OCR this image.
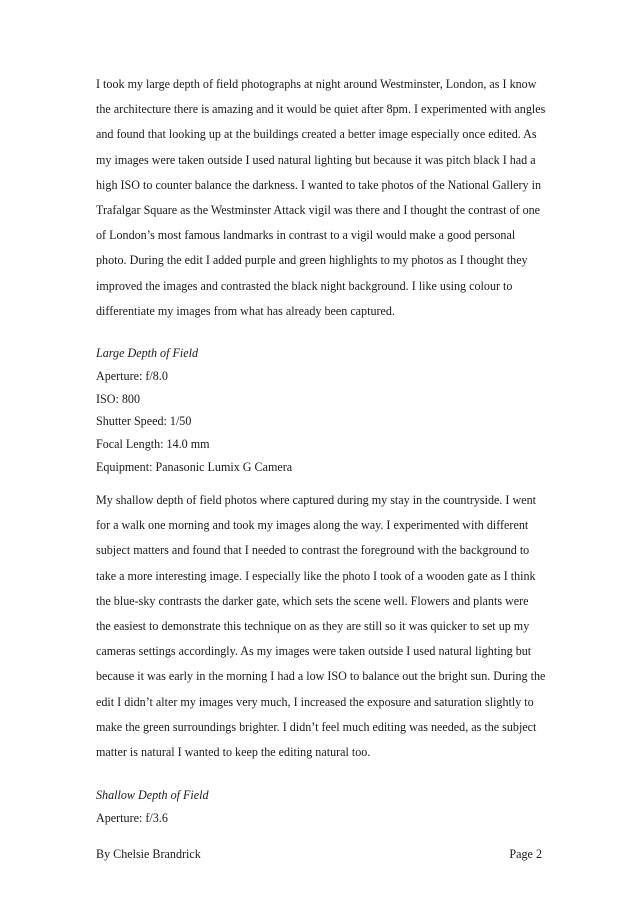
I took my large depth of field photographs at night around Westminster, London, as I know the architecture there is amazing and it would be quiet after 8pm. I experimented with angles and found that looking up at the buildings created a better image especially once edited. As my images were taken outside I used natural lighting but because it was pitch black I had a high ISO to counter balance the darkness. I wanted to take photos of the National Gallery in Trafalgar Square as the Westminster Attack vigil was there and I thought the contrast of one of London’s most famous landmarks in contrast to a vigil would make a good personal photo. During the edit I added purple and green highlights to my photos as I thought they improved the images and contrasted the black night background. I like using colour to differentiate my images from what has already been captured.

Large Depth of Field
Aperture: f/8.0
ISO: 800
Shutter Speed: 1/50
Focal Length: 14.0 mm
Equipment: Panasonic Lumix G Camera

My shallow depth of field photos where captured during my stay in the countryside. I went for a walk one morning and took my images along the way. I experimented with different subject matters and found that I needed to contrast the foreground with the background to take a more interesting image. I especially like the photo I took of a wooden gate as I think the blue-sky contrasts the darker gate, which sets the scene well. Flowers and plants were the easiest to demonstrate this technique on as they are still so it was quicker to set up my cameras settings accordingly. As my images were taken outside I used natural lighting but because it was early in the morning I had a low ISO to balance out the bright sun. During the edit I didn’t alter my images very much, I increased the exposure and saturation slightly to make the green surroundings brighter. I didn’t feel much editing was needed, as the subject matter is natural I wanted to keep the editing natural too.

Shallow Depth of Field
Aperture: f/3.6
By Chelsie Brandrick	Page 2
